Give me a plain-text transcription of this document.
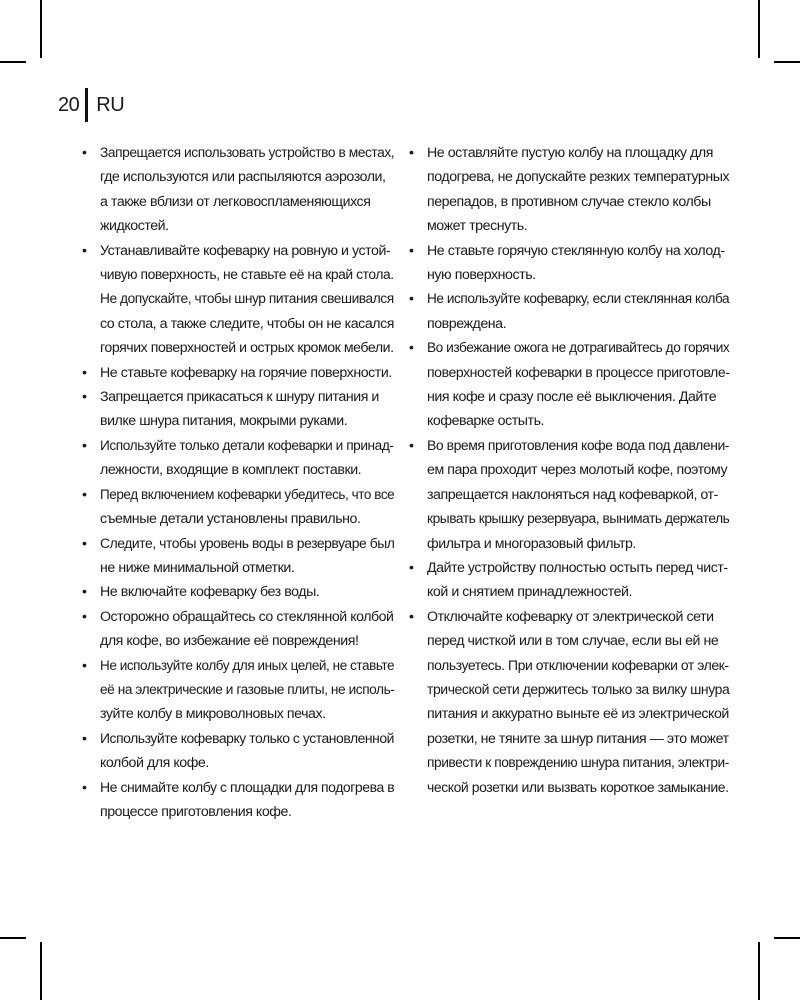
20 RU
• Запрещается использовать устройство в местах,
где используются или распыляются аэрозоли,
а также вблизи от легковоспламеняющихся
жидкостей.
• Устанавливайте кофеварку на ровную и устой-
чивую поверхность, не ставьте её на край стола.
Не допускайте, чтобы шнур питания свешивался
со стола, а также следите, чтобы он не касался
горячих поверхностей и острых кромок мебели.
• Не ставьте кофеварку на горячие поверхности.
• Запрещается прикасаться к шнуру питания и
вилке шнура питания, мокрыми руками.
• Используйте только детали кофеварки и принад-
лежности, входящие в комплект поставки.
• Перед включением кофеварки убедитесь, что все
съемные детали установлены правильно.
• Следите, чтобы уровень воды в резервуаре был
не ниже минимальной отметки.
• Не включайте кофеварку без воды.
• Осторожно обращайтесь со стеклянной колбой
для кофе, во избежание её повреждения!
• Не используйте колбу для иных целей, не ставьте
её на электрические и газовые плиты, не исполь-
зуйте колбу в микроволновых печах.
• Используйте кофеварку только с установленной
колбой для кофе.
• Не снимайте колбу с площадки для подогрева в
процессе приготовления кофе.
• Не оставляйте пустую колбу на площадку для
подогрева, не допускайте резких температурных
перепадов, в противном случае стекло колбы
может треснуть.
• Не ставьте горячую стеклянную колбу на холод-
ную поверхность.
• Не используйте кофеварку, если стеклянная колба
повреждена.
• Во избежание ожога не дотрагивайтесь до горячих
поверхностей кофеварки в процессе приготовле-
ния кофе и сразу после её выключения. Дайте
кофеварке остыть.
• Во время приготовления кофе вода под давлени-
ем пара проходит через молотый кофе, поэтому
запрещается наклоняться над кофеваркой, от-
крывать крышку резервуара, вынимать держатель
фильтра и многоразовый фильтр.
• Дайте устройству полностью остыть перед чист-
кой и снятием принадлежностей.
• Отключайте кофеварку от электрической сети
перед чисткой или в том случае, если вы ей не
пользуетесь. При отключении кофеварки от элек-
трической сети держитесь только за вилку шнура
питания и аккуратно выньте её из электрической
розетки, не тяните за шнур питания — это может
привести к повреждению шнура питания, электри-
ческой розетки или вызвать короткое замыкание.
